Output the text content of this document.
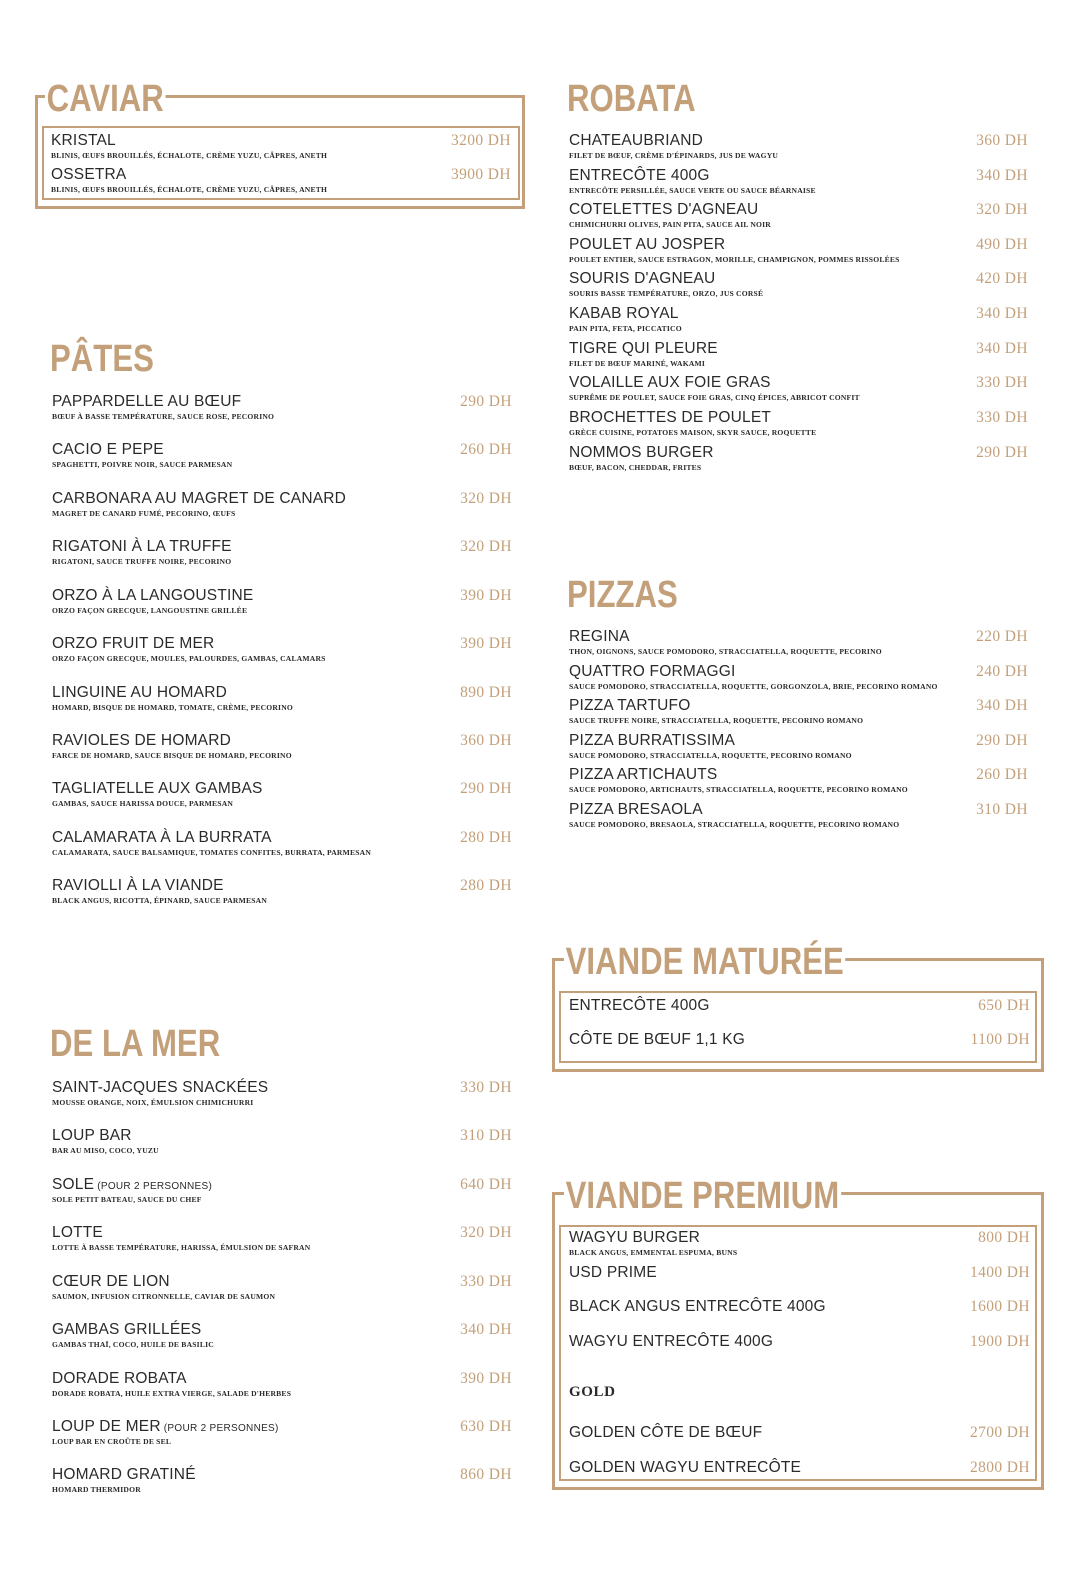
CAVIAR
KRISTAL
BLINIS, ŒUFS BROUILLÉS, ÉCHALOTE, CRÈME YUZU, CÂPRES, ANETH
3200 DH
OSSETRA
BLINIS, ŒUFS BROUILLÉS, ÉCHALOTE, CRÈME YUZU, CÂPRES, ANETH
3900 DH
PÂTES
PAPPARDELLE AU BŒUF
BŒUF À BASSE TEMPÉRATURE, SAUCE ROSE, PECORINO
290 DH
CACIO E PEPE
SPAGHETTI, POIVRE NOIR, SAUCE PARMESAN
260 DH
CARBONARA AU MAGRET DE CANARD
MAGRET DE CANARD FUMÉ, PECORINO, ŒUFS
320 DH
RIGATONI À LA TRUFFE
RIGATONI, SAUCE TRUFFE NOIRE, PECORINO
320 DH
ORZO À LA LANGOUSTINE
ORZO FAÇON GRECQUE, LANGOUSTINE GRILLÉE
390 DH
ORZO FRUIT DE MER
ORZO FAÇON GRECQUE, MOULES, PALOURDES, GAMBAS, CALAMARS
390 DH
LINGUINE AU HOMARD
HOMARD, BISQUE DE HOMARD, TOMATE, CRÈME, PECORINO
890 DH
RAVIOLES DE HOMARD
FARCE DE HOMARD, SAUCE BISQUE DE HOMARD, PECORINO
360 DH
TAGLIATELLE AUX GAMBAS
GAMBAS, SAUCE HARISSA DOUCE, PARMESAN
290 DH
CALAMARATA À LA BURRATA
CALAMARATA, SAUCE BALSAMIQUE, TOMATES CONFITES, BURRATA, PARMESAN
280 DH
RAVIOLLI À LA VIANDE
BLACK ANGUS, RICOTTA, ÉPINARD, SAUCE PARMESAN
280 DH
DE LA MER
SAINT-JACQUES SNACKÉES
MOUSSE ORANGE, NOIX, ÉMULSION CHIMICHURRI
330 DH
LOUP BAR
BAR AU MISO, COCO, YUZU
310 DH
SOLE (POUR 2 PERSONNES)
SOLE PETIT BATEAU, SAUCE DU CHEF
640 DH
LOTTE
LOTTE À BASSE TEMPÉRATURE, HARISSA, ÉMULSION DE SAFRAN
320 DH
CŒUR DE LION
SAUMON, INFUSION CITRONNELLE, CAVIAR DE SAUMON
330 DH
GAMBAS GRILLÉES
GAMBAS THAÏ, COCO, HUILE DE BASILIC
340 DH
DORADE ROBATA
DORADE ROBATA, HUILE EXTRA VIERGE, SALADE D'HERBES
390 DH
LOUP DE MER (POUR 2 PERSONNES)
LOUP BAR EN CROÛTE DE SEL
630 DH
HOMARD GRATINÉ
HOMARD THERMIDOR
860 DH
ROBATA
CHATEAUBRIAND
FILET DE BŒUF, CRÈME D'ÉPINARDS, JUS DE WAGYU
360 DH
ENTRECÔTE 400G
ENTRECÔTE PERSILLÉE, SAUCE VERTE OU SAUCE BÉARNAISE
340 DH
COTELETTES D'AGNEAU
CHIMICHURRI OLIVES, PAIN PITA, SAUCE AIL NOIR
320 DH
POULET AU JOSPER
POULET ENTIER, SAUCE ESTRAGON, MORILLE, CHAMPIGNON, POMMES RISSOLÉES
490 DH
SOURIS D'AGNEAU
SOURIS BASSE TEMPÉRATURE, ORZO, JUS CORSÉ
420 DH
KABAB ROYAL
PAIN PITA, FETA, PICCATICO
340 DH
TIGRE QUI PLEURE
FILET DE BŒUF MARINÉ, WAKAMI
340 DH
VOLAILLE AUX FOIE GRAS
SUPRÊME DE POULET, SAUCE FOIE GRAS, CINQ ÉPICES, ABRICOT CONFIT
330 DH
BROCHETTES DE POULET
GRÈCE CUISINE, POTATOES MAISON, SKYR SAUCE, ROQUETTE
330 DH
NOMMOS BURGER
BŒUF, BACON, CHEDDAR, FRITES
290 DH
PIZZAS
REGINA
THON, OIGNONS, SAUCE POMODORO, STRACCIATELLA, ROQUETTE, PECORINO
220 DH
QUATTRO FORMAGGI
SAUCE POMODORO, STRACCIATELLA, ROQUETTE, GORGONZOLA, BRIE, PECORINO ROMANO
240 DH
PIZZA TARTUFO
SAUCE TRUFFE NOIRE, STRACCIATELLA, ROQUETTE, PECORINO ROMANO
340 DH
PIZZA BURRATISSIMA
SAUCE POMODORO, STRACCIATELLA, ROQUETTE, PECORINO ROMANO
290 DH
PIZZA ARTICHAUTS
SAUCE POMODORO, ARTICHAUTS, STRACCIATELLA, ROQUETTE, PECORINO ROMANO
260 DH
PIZZA BRESAOLA
SAUCE POMODORO, BRESAOLA, STRACCIATELLA, ROQUETTE, PECORINO ROMANO
310 DH
VIANDE MATURÉE
ENTRECÔTE 400G	650 DH
CÔTE DE BŒUF 1,1 KG	1100 DH
VIANDE PREMIUM
WAGYU BURGER
BLACK ANGUS, EMMENTAL ESPUMA, BUNS
800 DH
USD PRIME	1400 DH
BLACK ANGUS ENTRECÔTE 400G	1600 DH
WAGYU ENTRECÔTE 400G	1900 DH
GOLD
GOLDEN CÔTE DE BŒUF	2700 DH
GOLDEN WAGYU ENTRECÔTE	2800 DH
